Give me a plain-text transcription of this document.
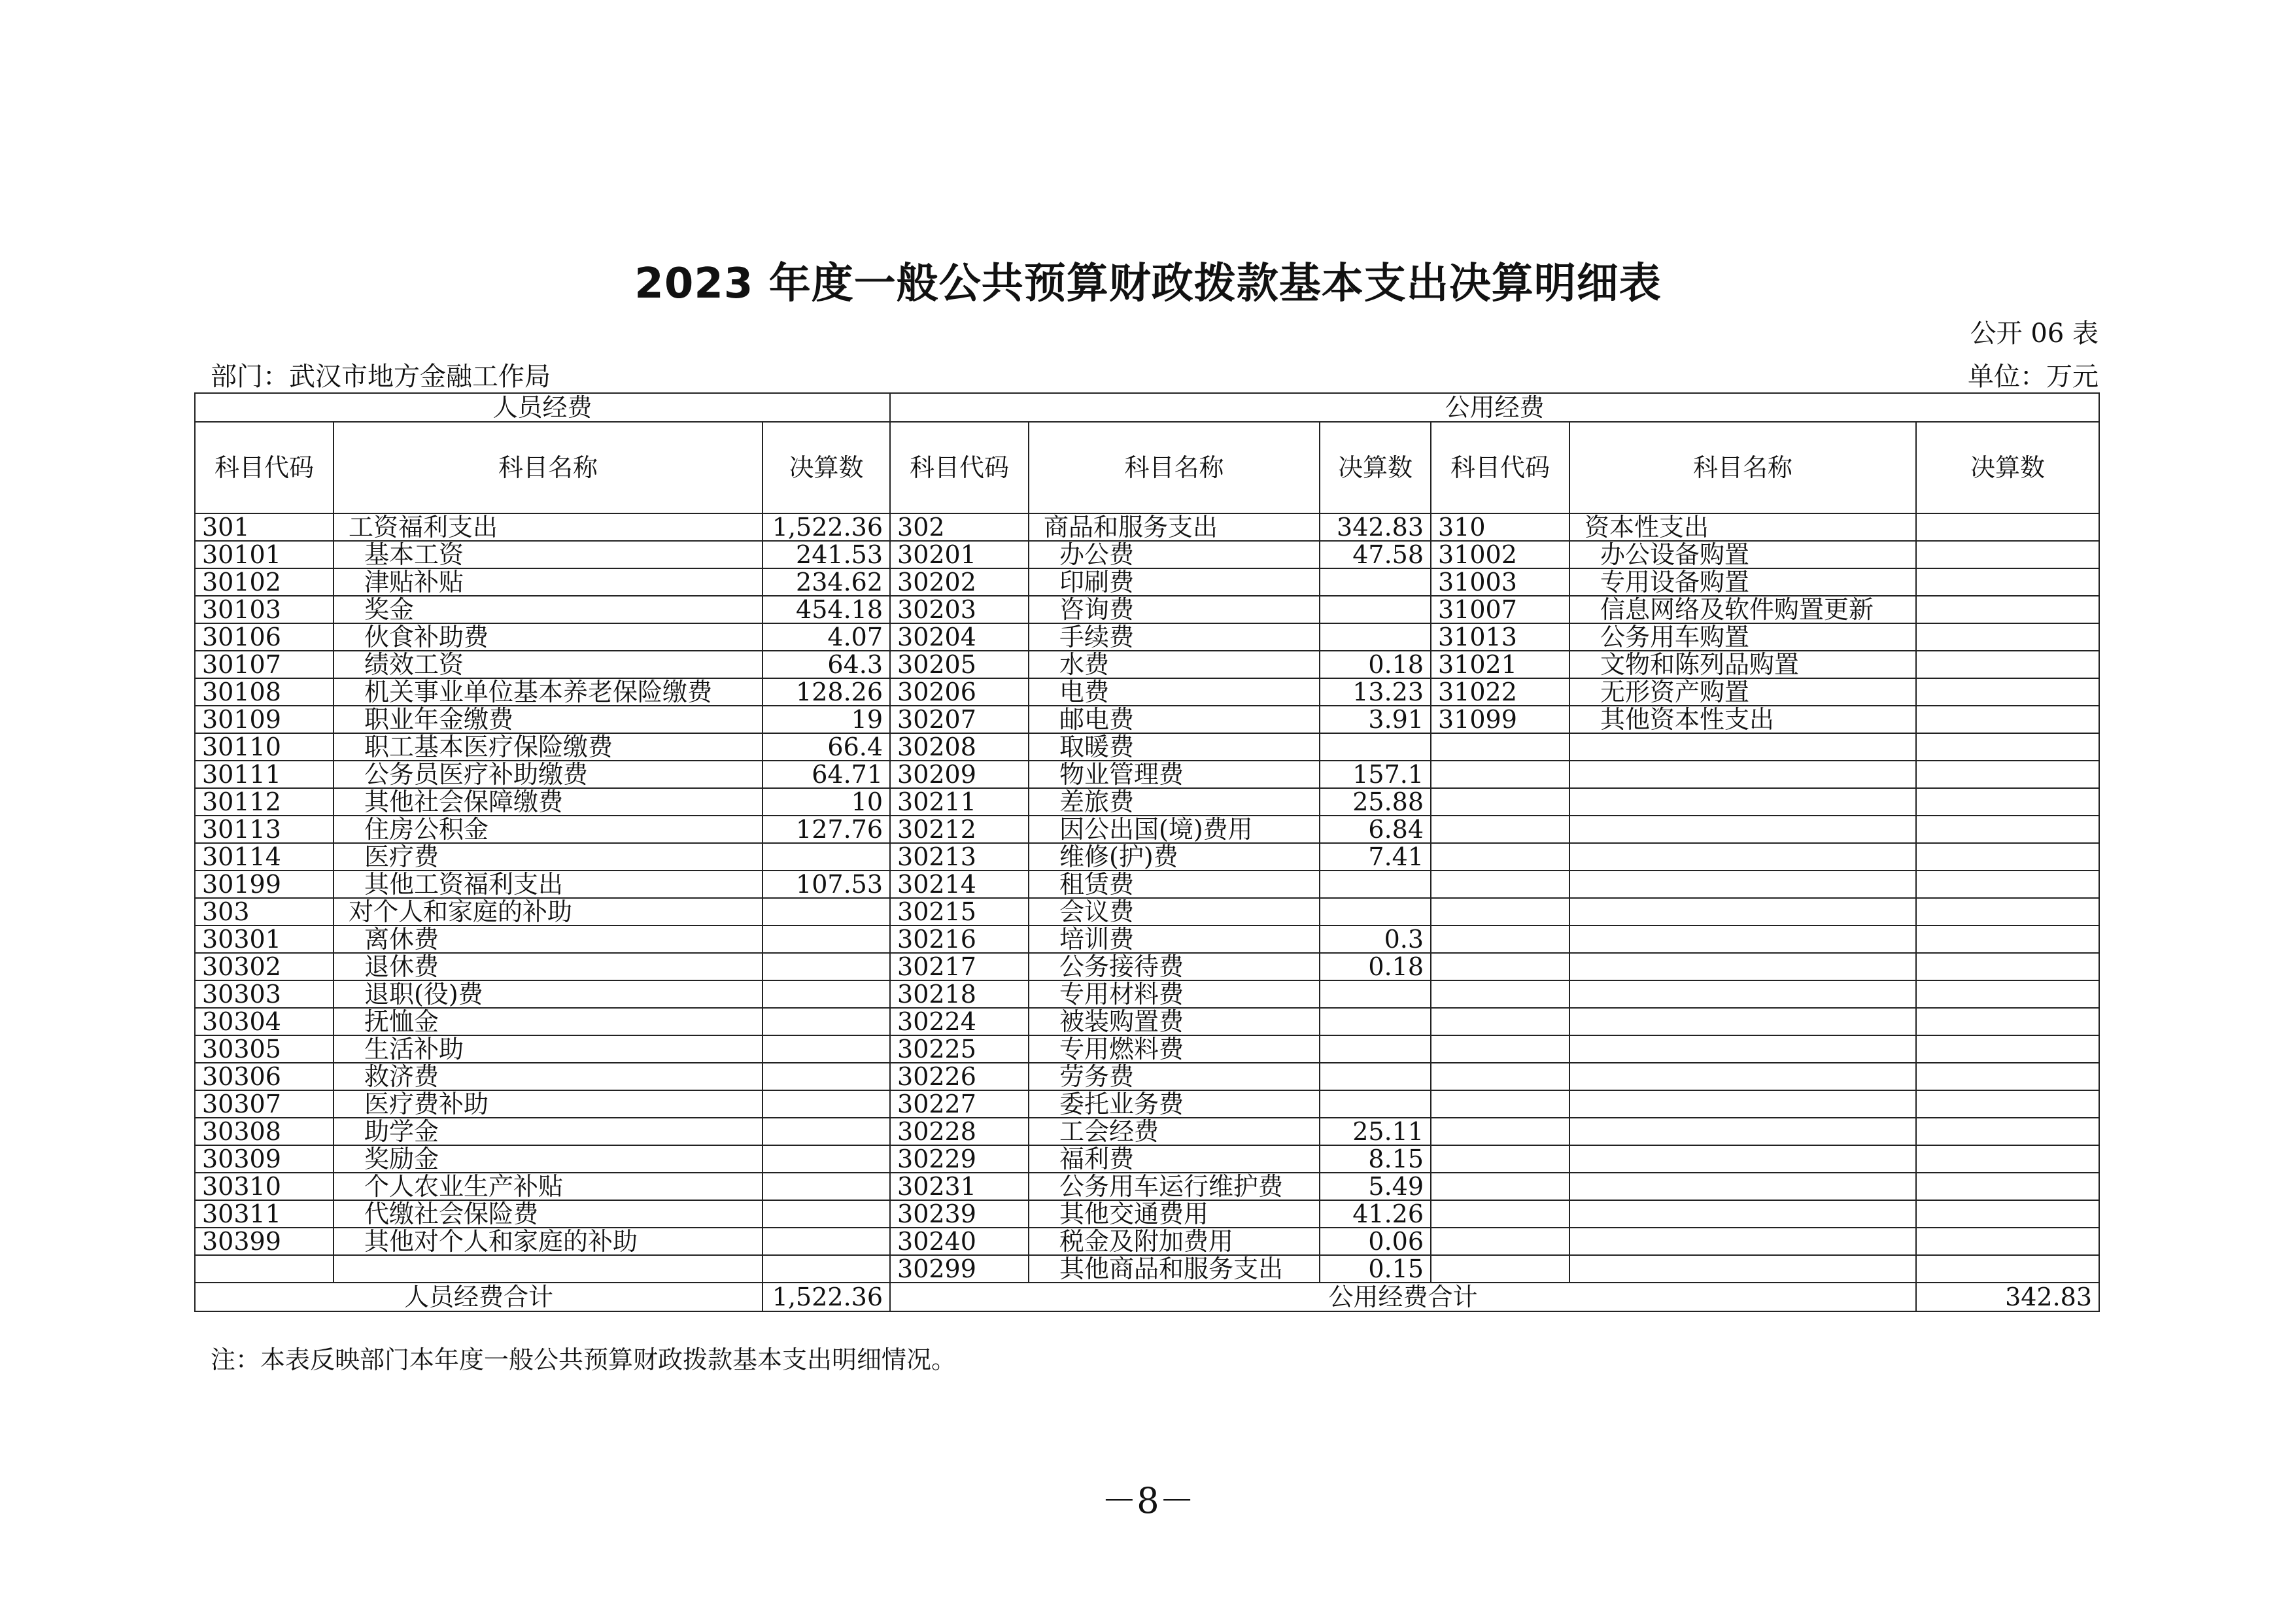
2023 年度一般公共预算财政拨款基本支出决算明细表
公开 06 表
部门：武汉市地方金融工作局	单位：万元
人员经费			公用经费					
科目代码	科目名称	决算数	科目代码	科目名称	决算数	科目代码	科目名称	决算数
301	工资福利支出	1,522.36	302	商品和服务支出	342.83	310	资本性支出	
30101	基本工资	241.53	30201	办公费	47.58	31002	办公设备购置	
30102	津贴补贴	234.62	30202	印刷费		31003	专用设备购置	
30103	奖金	454.18	30203	咨询费		31007	信息网络及软件购置更新	
30106	伙食补助费	4.07	30204	手续费		31013	公务用车购置	
30107	绩效工资	64.3	30205	水费	0.18	31021	文物和陈列品购置	
30108	机关事业单位基本养老保险缴费	128.26	30206	电费	13.23	31022	无形资产购置	
30109	职业年金缴费	19	30207	邮电费	3.91	31099	其他资本性支出	
30110	职工基本医疗保险缴费	66.4	30208	取暖费				
30111	公务员医疗补助缴费	64.71	30209	物业管理费	157.1			
30112	其他社会保障缴费	10	30211	差旅费	25.88			
30113	住房公积金	127.76	30212	因公出国(境)费用	6.84			
30114	医疗费		30213	维修(护)费	7.41			
30199	其他工资福利支出	107.53	30214	租赁费				
303	对个人和家庭的补助		30215	会议费				
30301	离休费		30216	培训费	0.3			
30302	退休费		30217	公务接待费	0.18			
30303	退职(役)费		30218	专用材料费				
30304	抚恤金		30224	被装购置费				
30305	生活补助		30225	专用燃料费				
30306	救济费		30226	劳务费				
30307	医疗费补助		30227	委托业务费				
30308	助学金		30228	工会经费	25.11			
30309	奖励金		30229	福利费	8.15			
30310	个人农业生产补贴		30231	公务用车运行维护费	5.49			
30311	代缴社会保险费		30239	其他交通费用	41.26			
30399	其他对个人和家庭的补助		30240	税金及附加费用	0.06			
			30299	其他商品和服务支出	0.15			
人员经费合计		1,522.36	公用经费合计					342.83
注：本表反映部门本年度一般公共预算财政拨款基本支出明细情况。
－8－
